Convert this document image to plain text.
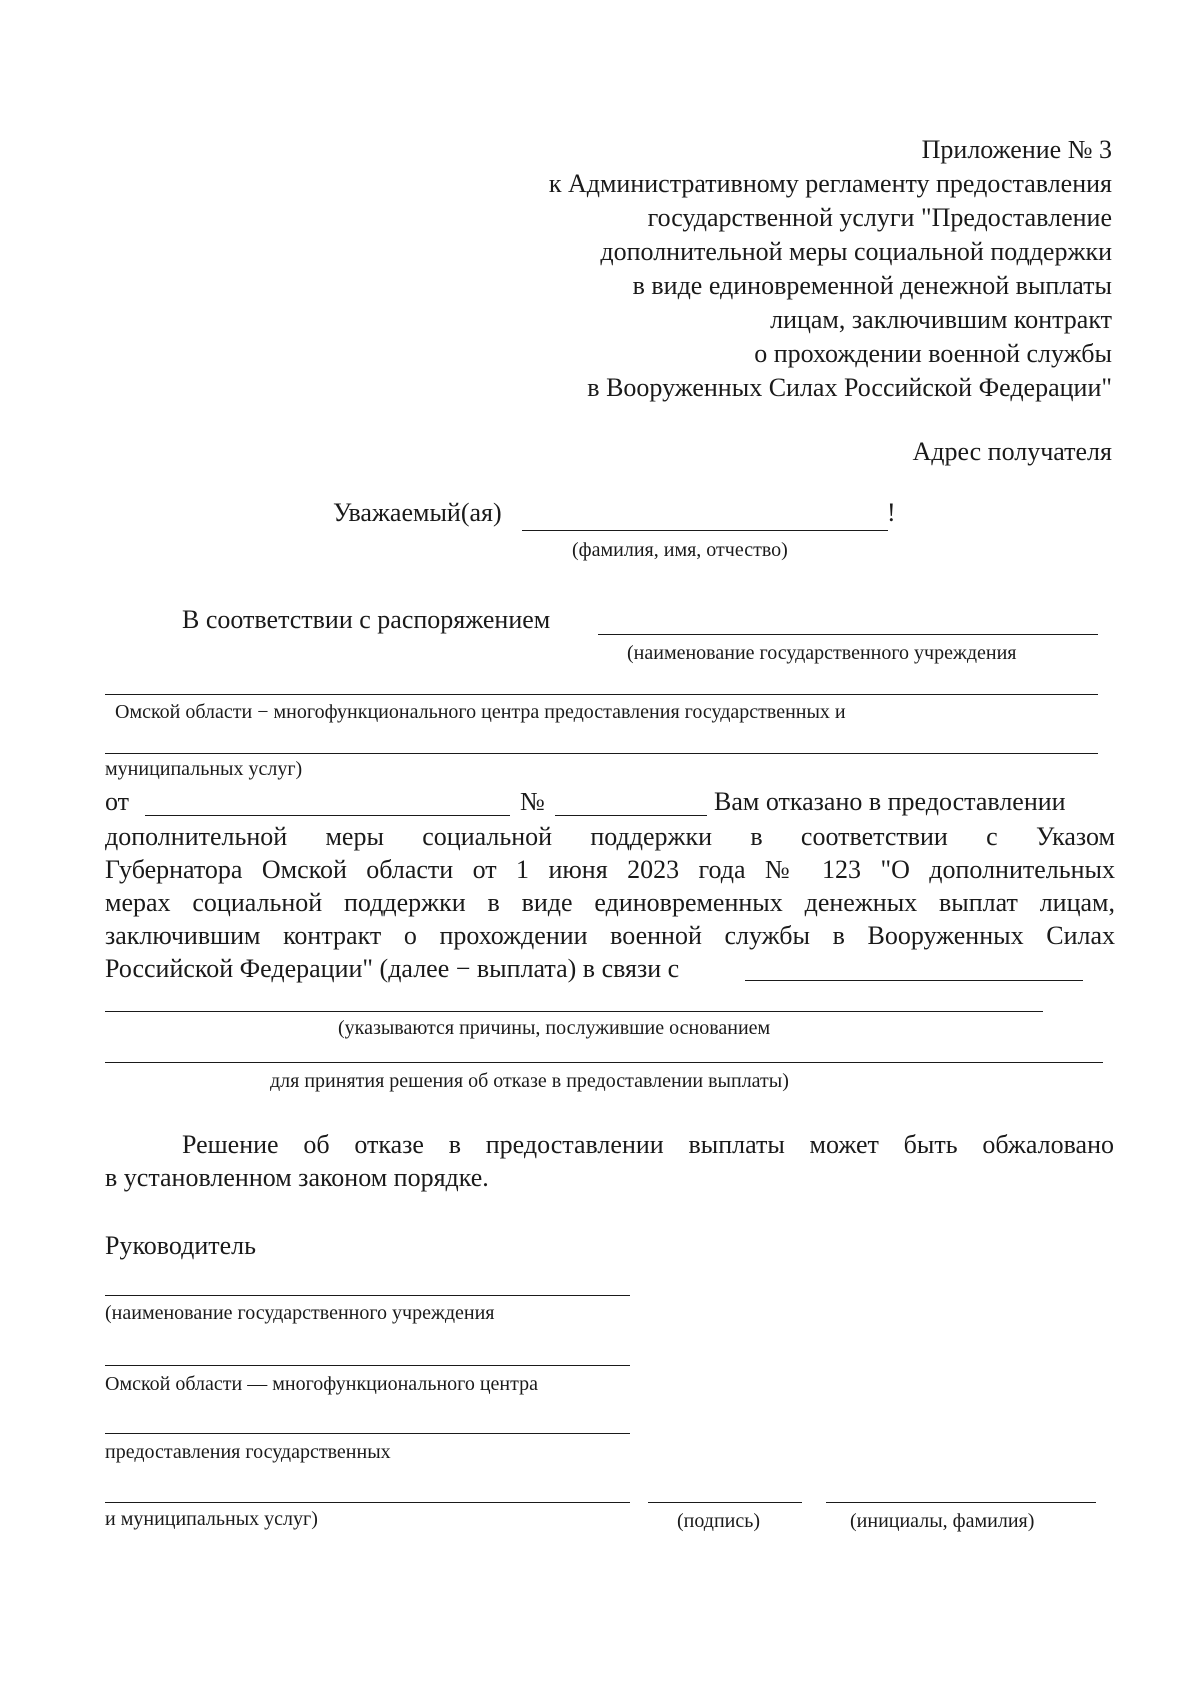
Приложение № 3
к Административному регламенту предоставления
государственной услуги "Предоставление
дополнительной меры социальной поддержки
в виде единовременной денежной выплаты
лицам, заключившим контракт
о прохождении военной службы
в Вооруженных Силах Российской Федерации"
Адрес получателя
Уважаемый(ая)	!
(фамилия, имя, отчество)
В соответствии с распоряжением
(наименование государственного учреждения
Омской области − многофункционального центра предоставления государственных и
муниципальных услуг)
от	№	Вам отказано в предоставлении
дополнительной меры социальной поддержки в соответствии с Указом
Губернатора Омской области от 1 июня 2023 года № 123 "О дополнительных
мерах социальной поддержки в виде единовременных денежных выплат лицам,
заключившим контракт о прохождении военной службы в Вооруженных Силах
Российской Федерации" (далее − выплата) в связи с
(указываются причины, послужившие основанием
для принятия решения об отказе в предоставлении выплаты)
Решение об отказе в предоставлении выплаты может быть обжаловано
в установленном законом порядке.
Руководитель
(наименование государственного учреждения
Омской области — многофункционального центра
предоставления государственных
и муниципальных услуг)	(подпись)	(инициалы, фамилия)
